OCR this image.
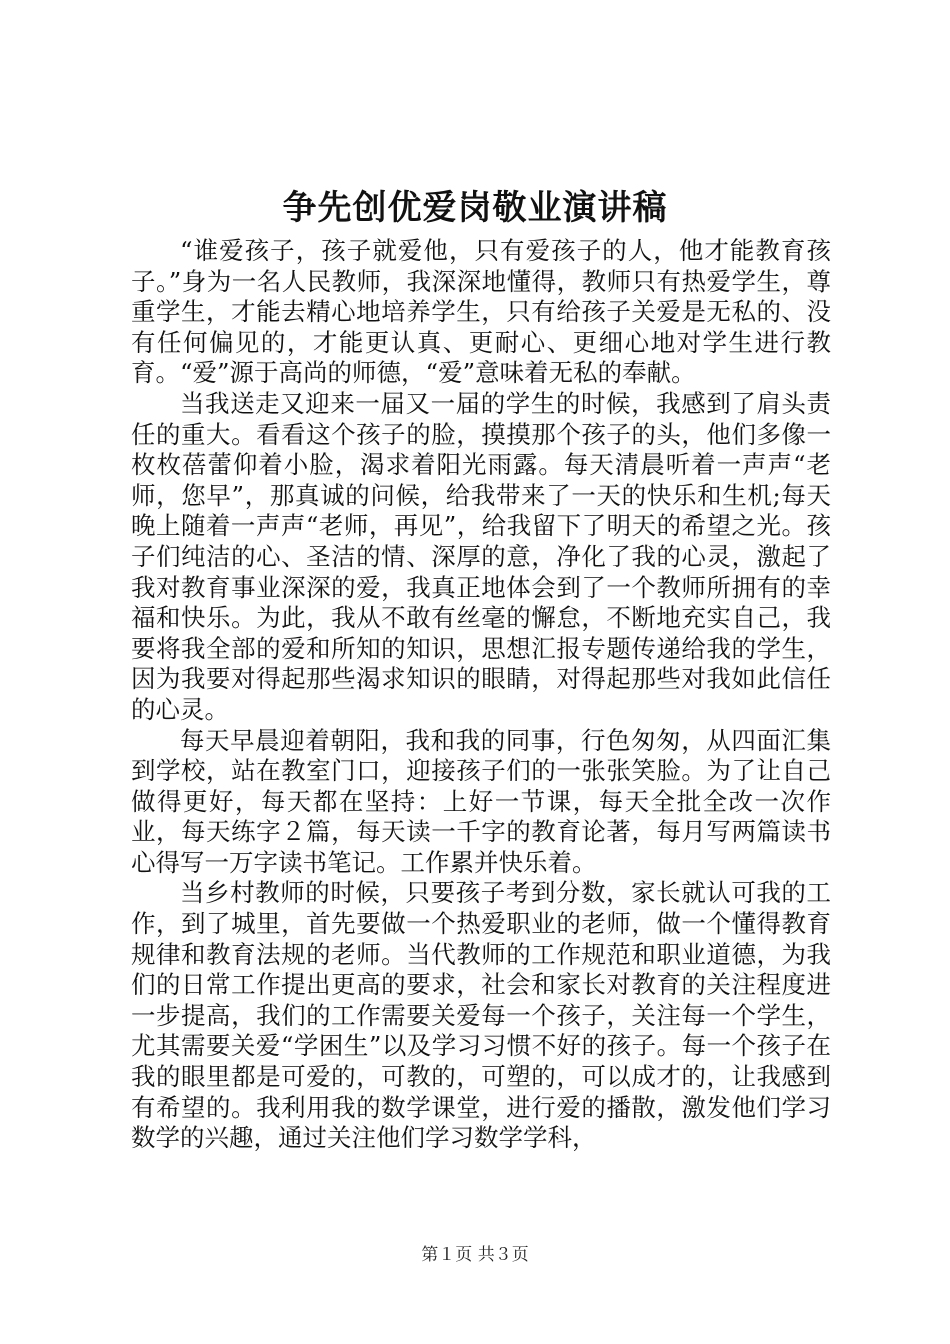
争先创优爱岗敬业演讲稿

“谁爱孩子，孩子就爱他，只有爱孩子的人，他才能教育孩子。”身为一名人民教师，我深深地懂得，教师只有热爱学生，尊重学生，才能去精心地培养学生，只有给孩子关爱是无私的、没有任何偏见的，才能更认真、更耐心、更细心地对学生进行教育。“爱”源于高尚的师德，“爱”意味着无私的奉献。

当我送走又迎来一届又一届的学生的时候，我感到了肩头责任的重大。看看这个孩子的脸，摸摸那个孩子的头，他们多像一枚枚蓓蕾仰着小脸，渴求着阳光雨露。每天清晨听着一声声“老师，您早”，那真诚的问候，给我带来了一天的快乐和生机;每天晚上随着一声声“老师，再见”，给我留下了明天的希望之光。孩子们纯洁的心、圣洁的情、深厚的意，净化了我的心灵，激起了我对教育事业深深的爱，我真正地体会到了一个教师所拥有的幸福和快乐。为此，我从不敢有丝毫的懈怠，不断地充实自己，我要将我全部的爱和所知的知识，思想汇报专题传递给我的学生，因为我要对得起那些渴求知识的眼睛，对得起那些对我如此信任的心灵。

每天早晨迎着朝阳，我和我的同事，行色匆匆，从四面汇集到学校，站在教室门口，迎接孩子们的一张张笑脸。为了让自己做得更好，每天都在坚持：上好一节课，每天全批全改一次作业，每天练字２篇，每天读一千字的教育论著，每月写两篇读书心得写一万字读书笔记。工作累并快乐着。

当乡村教师的时候，只要孩子考到分数，家长就认可我的工作，到了城里，首先要做一个热爱职业的老师，做一个懂得教育规律和教育法规的老师。当代教师的工作规范和职业道德，为我们的日常工作提出更高的要求，社会和家长对教育的关注程度进一步提高，我们的工作需要关爱每一个孩子，关注每一个学生，尤其需要关爱“学困生”以及学习习惯不好的孩子。每一个孩子在我的眼里都是可爱的，可教的，可塑的，可以成才的，让我感到有希望的。我利用我的数学课堂，进行爱的播散，激发他们学习数学的兴趣，通过关注他们学习数学学科，

第１页 共３页
